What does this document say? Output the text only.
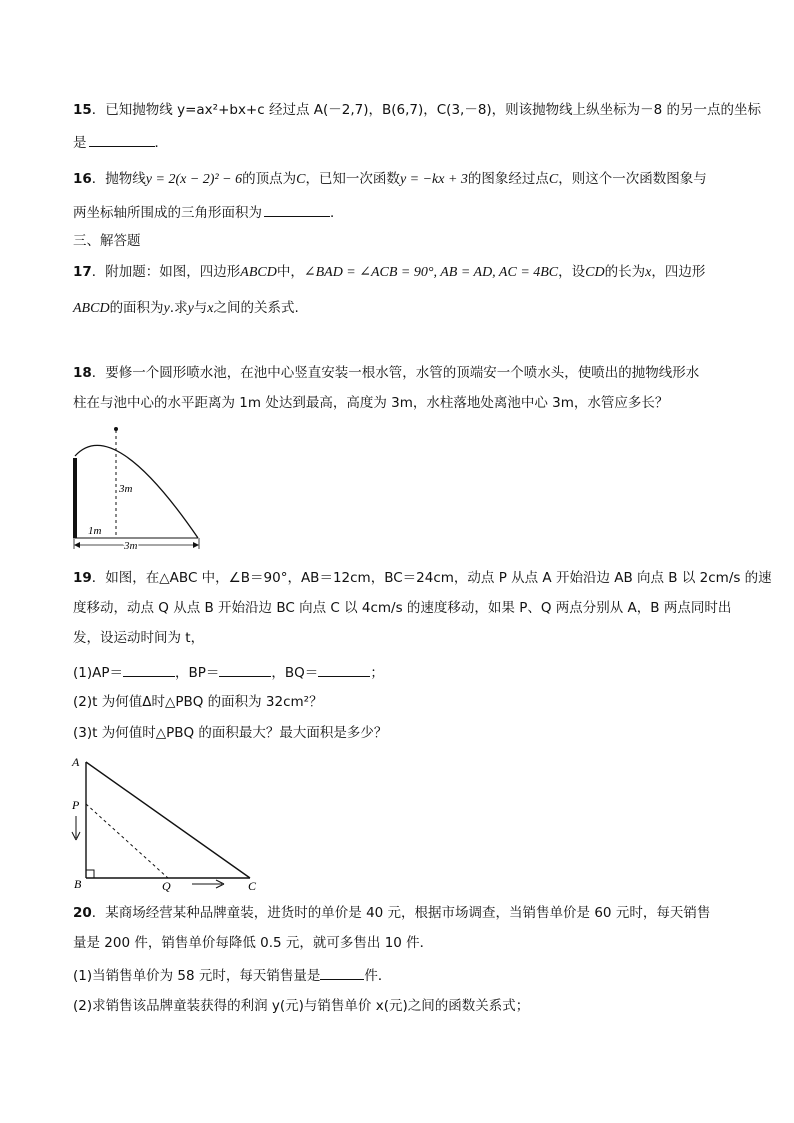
15．已知抛物线 y=ax²+bx+c 经过点 A(－2,7)，B(6,7)，C(3,－8)，则该抛物线上纵坐标为－8 的另一点的坐标
是	．
16．抛物线y = 2(x − 2)² − 6的顶点为C，已知一次函数y = −kx + 3的图象经过点C，则这个一次函数图象与
两坐标轴所围成的三角形面积为	．
三、解答题
17．附加题：如图，四边形ABCD中，∠BAD = ∠ACB = 90°, AB = AD, AC = 4BC，设CD的长为x，四边形
ABCD的面积为y.求y与x之间的关系式.
18．要修一个圆形喷水池，在池中心竖直安装一根水管，水管的顶端安一个喷水头，使喷出的抛物线形水
柱在与池中心的水平距离为 1m 处达到最高，高度为 3m，水柱落地处离池中心 3m，水管应多长？
3m
1m
3m
19．如图，在△ABC 中，∠B＝90°，AB＝12cm，BC＝24cm，动点 P 从点 A 开始沿边 AB 向点 B 以 2cm/s 的速
度移动，动点 Q 从点 B 开始沿边 BC 向点 C 以 4cm/s 的速度移动，如果 P、Q 两点分别从 A，B 两点同时出
发，设运动时间为 t，
(1)AP＝	，BP＝	，BQ＝	；
(2)t 为何值Δ时△PBQ 的面积为 32cm²？
(3)t 为何值时△PBQ 的面积最大？最大面积是多少？
A
P
B	Q	C
20．某商场经营某种品牌童装，进货时的单价是 40 元，根据市场调查，当销售单价是 60 元时，每天销售
量是 200 件，销售单价每降低 0.5 元，就可多售出 10 件．
(1)当销售单价为 58 元时，每天销售量是	件．
(2)求销售该品牌童装获得的利润 y(元)与销售单价 x(元)之间的函数关系式；
